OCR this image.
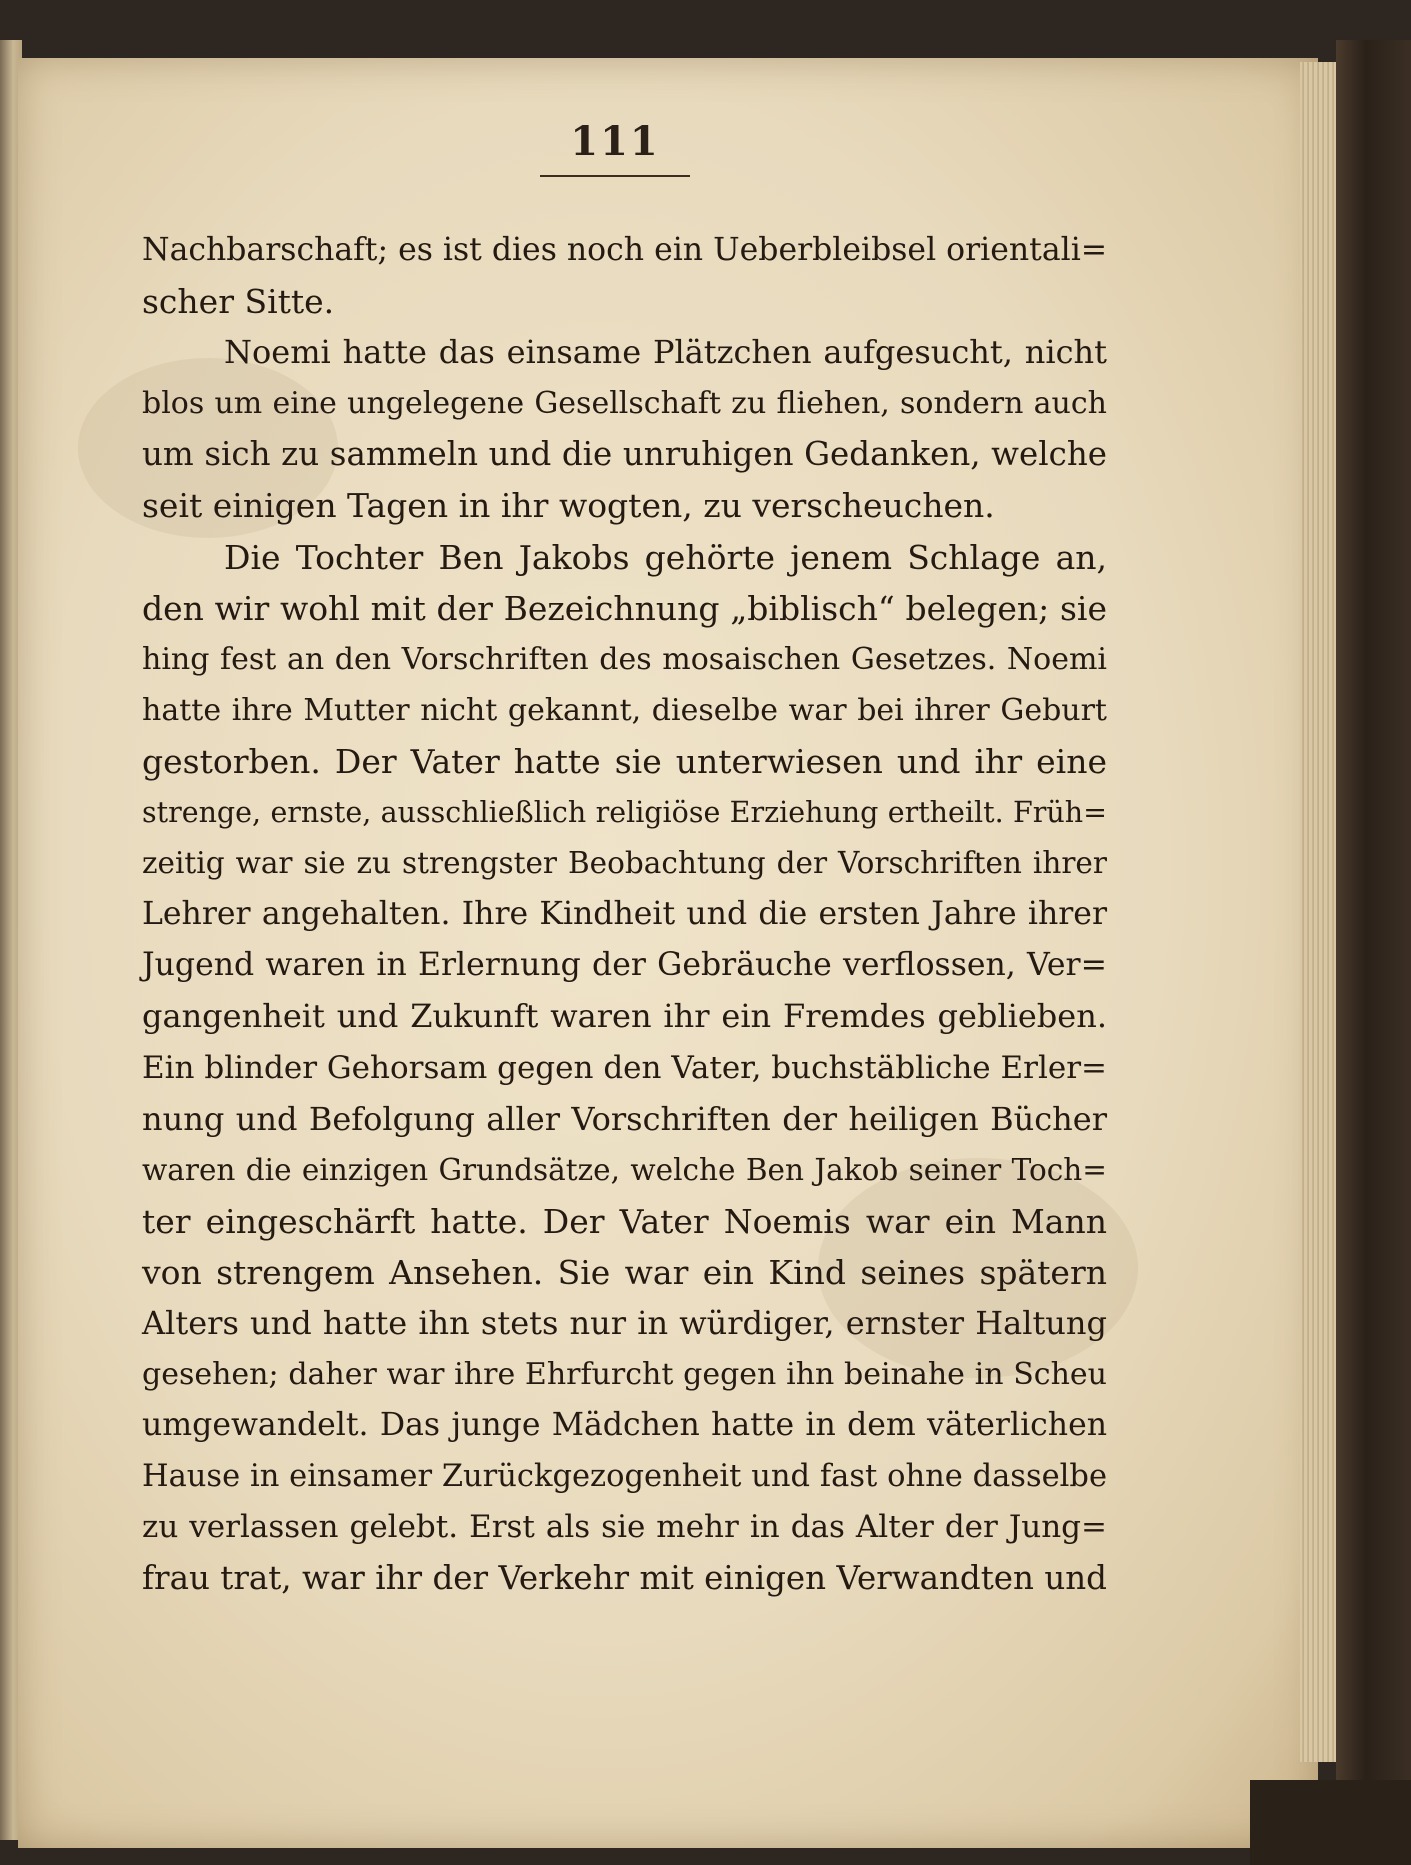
111
Nachbarschaft; es ist dies noch ein Ueberbleibsel orientali=
scher Sitte.
Noemi hatte das einsame Plätzchen aufgesucht, nicht
blos um eine ungelegene Gesellschaft zu fliehen, sondern auch
um sich zu sammeln und die unruhigen Gedanken, welche
seit einigen Tagen in ihr wogten, zu verscheuchen.
Die Tochter Ben Jakobs gehörte jenem Schlage an,
den wir wohl mit der Bezeichnung „biblisch“ belegen; sie
hing fest an den Vorschriften des mosaischen Gesetzes. Noemi
hatte ihre Mutter nicht gekannt, dieselbe war bei ihrer Geburt
gestorben. Der Vater hatte sie unterwiesen und ihr eine
strenge, ernste, ausschließlich religiöse Erziehung ertheilt. Früh=
zeitig war sie zu strengster Beobachtung der Vorschriften ihrer
Lehrer angehalten. Ihre Kindheit und die ersten Jahre ihrer
Jugend waren in Erlernung der Gebräuche verflossen, Ver=
gangenheit und Zukunft waren ihr ein Fremdes geblieben.
Ein blinder Gehorsam gegen den Vater, buchstäbliche Erler=
nung und Befolgung aller Vorschriften der heiligen Bücher
waren die einzigen Grundsätze, welche Ben Jakob seiner Toch=
ter eingeschärft hatte. Der Vater Noemis war ein Mann
von strengem Ansehen. Sie war ein Kind seines spätern
Alters und hatte ihn stets nur in würdiger, ernster Haltung
gesehen; daher war ihre Ehrfurcht gegen ihn beinahe in Scheu
umgewandelt. Das junge Mädchen hatte in dem väterlichen
Hause in einsamer Zurückgezogenheit und fast ohne dasselbe
zu verlassen gelebt. Erst als sie mehr in das Alter der Jung=
frau trat, war ihr der Verkehr mit einigen Verwandten und
